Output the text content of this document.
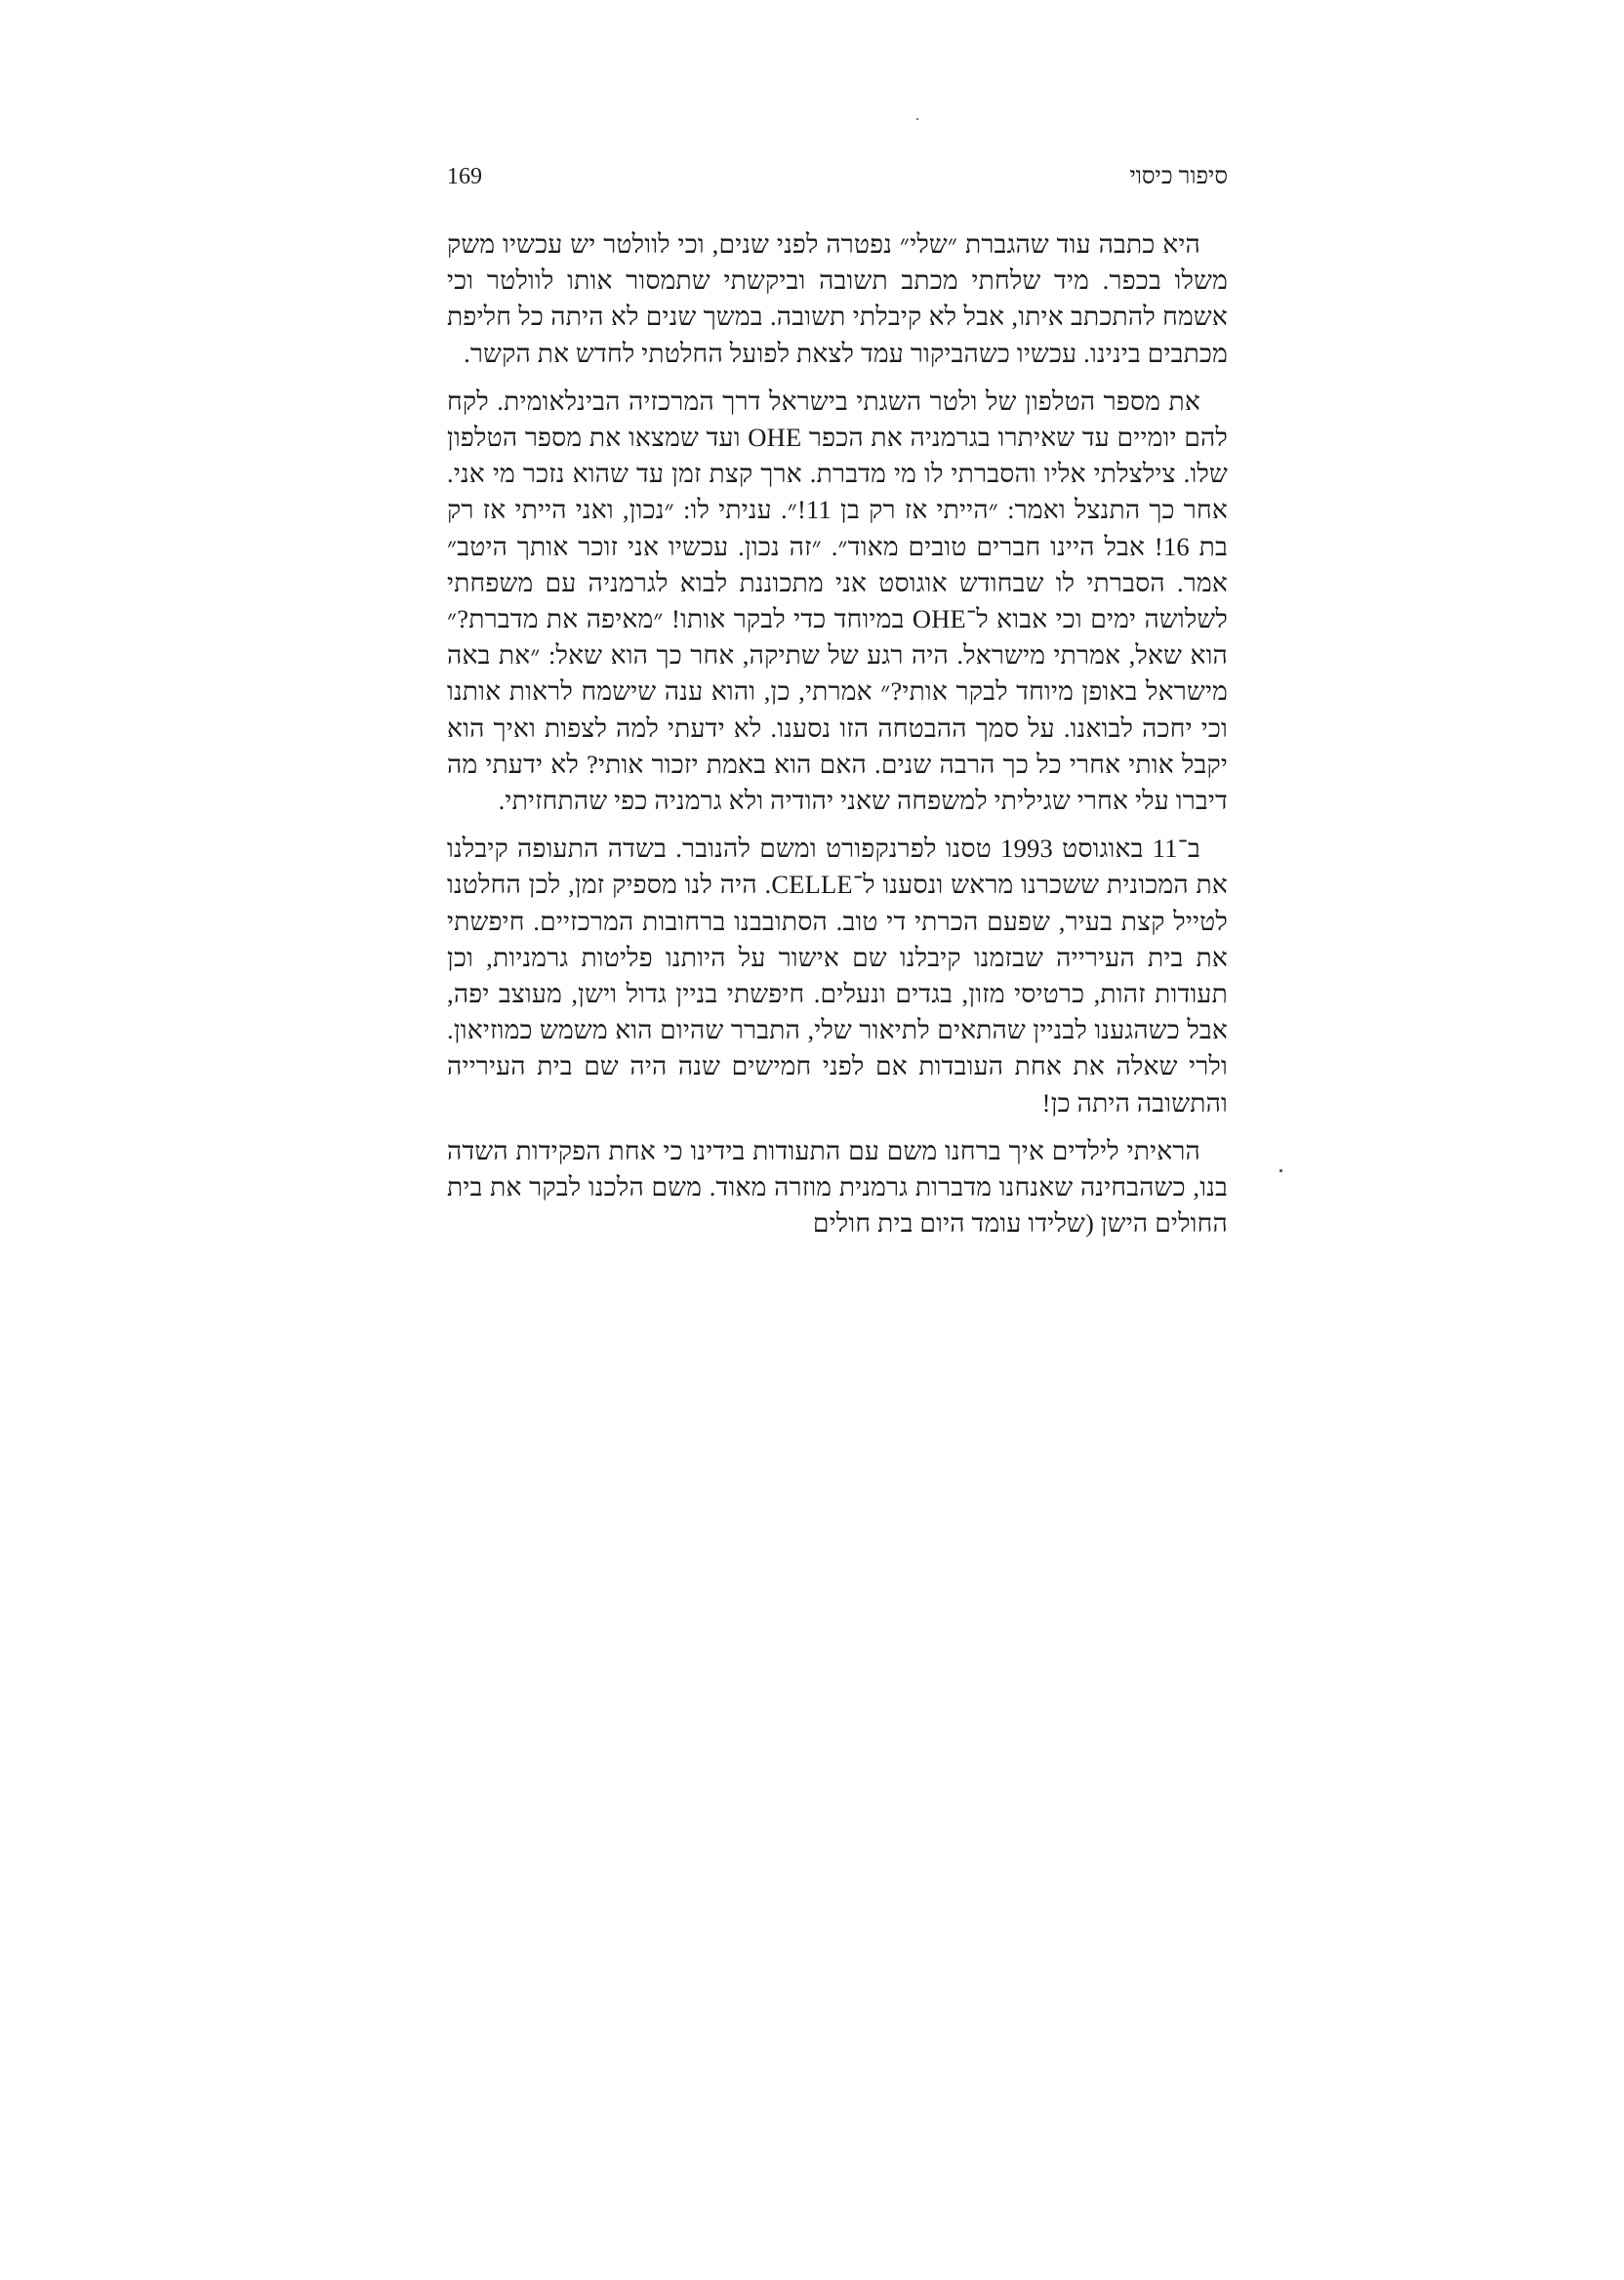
169	סיפור כיסוי

היא כתבה עוד שהגברת ״שלי״ נפטרה לפני שנים, וכי לוולטר יש עכשיו משק משלו בכפר. מיד שלחתי מכתב תשובה וביקשתי שתמסור אותו לוולטר וכי אשמח להתכתב איתו, אבל לא קיבלתי תשובה. במשך שנים לא היתה כל חליפת מכתבים בינינו. עכשיו כשהביקור עמד לצאת לפועל החלטתי לחדש את הקשר.

את מספר הטלפון של ולטר השגתי בישראל דרך המרכזיה הבינלאומית. לקח להם יומיים עד שאיתרו בגרמניה את הכפר OHE ועד שמצאו את מספר הטלפון שלו. צילצלתי אליו והסברתי לו מי מדברת. ארך קצת זמן עד שהוא נזכר מי אני. אחר כך התנצל ואמר: ״הייתי אז רק בן 11!״. עניתי לו: ״נכון, ואני הייתי אז רק בת 16! אבל היינו חברים טובים מאוד״. ״זה נכון. עכשיו אני זוכר אותך היטב״ אמר. הסברתי לו שבחודש אוגוסט אני מתכוננת לבוא לגרמניה עם משפחתי לשלושה ימים וכי אבוא ל־OHE במיוחד כדי לבקר אותו! ״מאיפה את מדברת?״ הוא שאל, אמרתי מישראל. היה רגע של שתיקה, אחר כך הוא שאל: ״את באה מישראל באופן מיוחד לבקר אותי?״ אמרתי, כן, והוא ענה שישמח לראות אותנו וכי יחכה לבואנו. על סמך ההבטחה הזו נסענו. לא ידעתי למה לצפות ואיך הוא יקבל אותי אחרי כל כך הרבה שנים. האם הוא באמת יזכור אותי? לא ידעתי מה דיברו עלי אחרי שגיליתי למשפחה שאני יהודיה ולא גרמניה כפי שהתחזיתי.

ב־11 באוגוסט 1993 טסנו לפרנקפורט ומשם להנובר. בשדה התעופה קיבלנו את המכונית ששכרנו מראש ונסענו ל־CELLE. היה לנו מספיק זמן, לכן החלטנו לטייל קצת בעיר, שפעם הכרתי די טוב. הסתובבנו ברחובות המרכזיים. חיפשתי את בית העירייה שבזמנו קיבלנו שם אישור על היותנו פליטות גרמניות, וכן תעודות זהות, כרטיסי מזון, בגדים ונעלים. חיפשתי בניין גדול וישן, מעוצב יפה, אבל כשהגענו לבניין שהתאים לתיאור שלי, התברר שהיום הוא משמש כמוזיאון. ולרי שאלה את אחת העובדות אם לפני חמישים שנה היה שם בית העירייה והתשובה היתה כן!

הראיתי לילדים איך ברחנו משם עם התעודות בידינו כי אחת הפקידות השדה בנו, כשהבחינה שאנחנו מדברות גרמנית מוזרה מאוד. משם הלכנו לבקר את בית החולים הישן (שלידו עומד היום בית חולים
